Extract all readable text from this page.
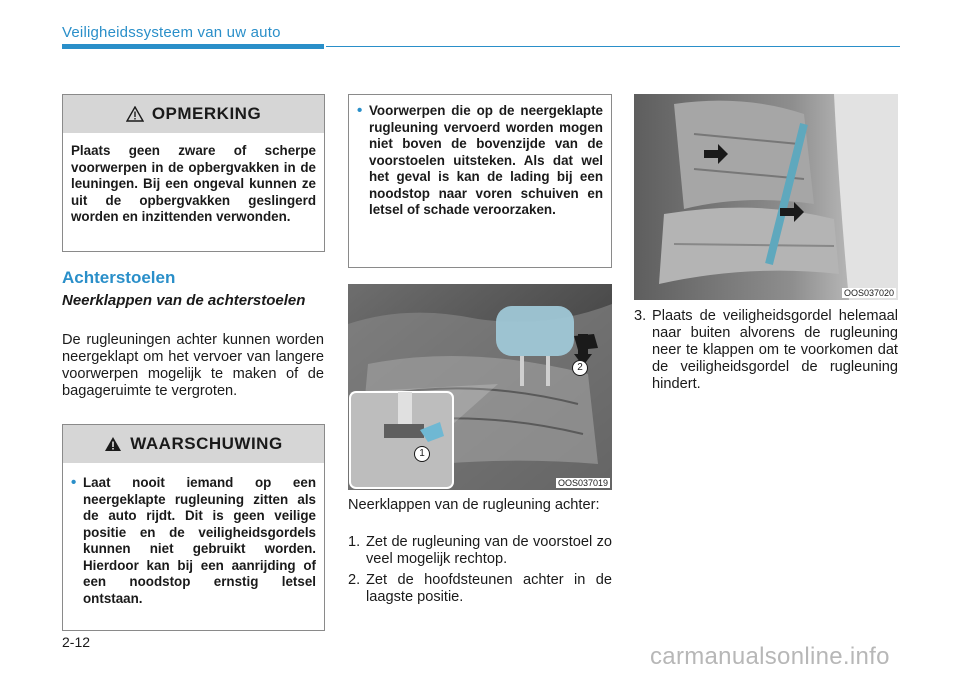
Veiligheidssysteem van uw auto
OPMERKING
Plaats geen zware of scherpe voorwerpen in de opbergvakken in de leuningen. Bij een ongeval kunnen ze uit de opbergvakken geslingerd worden en inzittenden verwonden.
Achterstoelen
Neerklappen van de achterstoelen
De rugleuningen achter kunnen worden neergeklapt om het vervoer van langere voorwerpen mogelijk te maken of de bagageruimte te vergroten.
WAARSCHUWING
• Laat nooit iemand op een neergeklapte rugleuning zitten als de auto rijdt. Dit is geen veilige positie en de veiligheidsgordels kunnen niet gebruikt worden. Hierdoor kan bij een aanrijding of een noodstop ernstig letsel ontstaan.
• Voorwerpen die op de neergeklapte rugleuning vervoerd worden mogen niet boven de bovenzijde van de voorstoelen uitsteken. Als dat wel het geval is kan de lading bij een noodstop naar voren schuiven en letsel of schade veroorzaken.
1
2
OOS037019
Neerklappen van de rugleuning achter:
1. Zet de rugleuning van de voorstoel zo veel mogelijk rechtop.
2. Zet de hoofdsteunen achter in de laagste positie.
OOS037020
3. Plaats de veiligheidsgordel helemaal naar buiten alvorens de rugleuning neer te klappen om te voorkomen dat de veiligheidsgordel de rugleuning hindert.
2-12
carmanualsonline.info
